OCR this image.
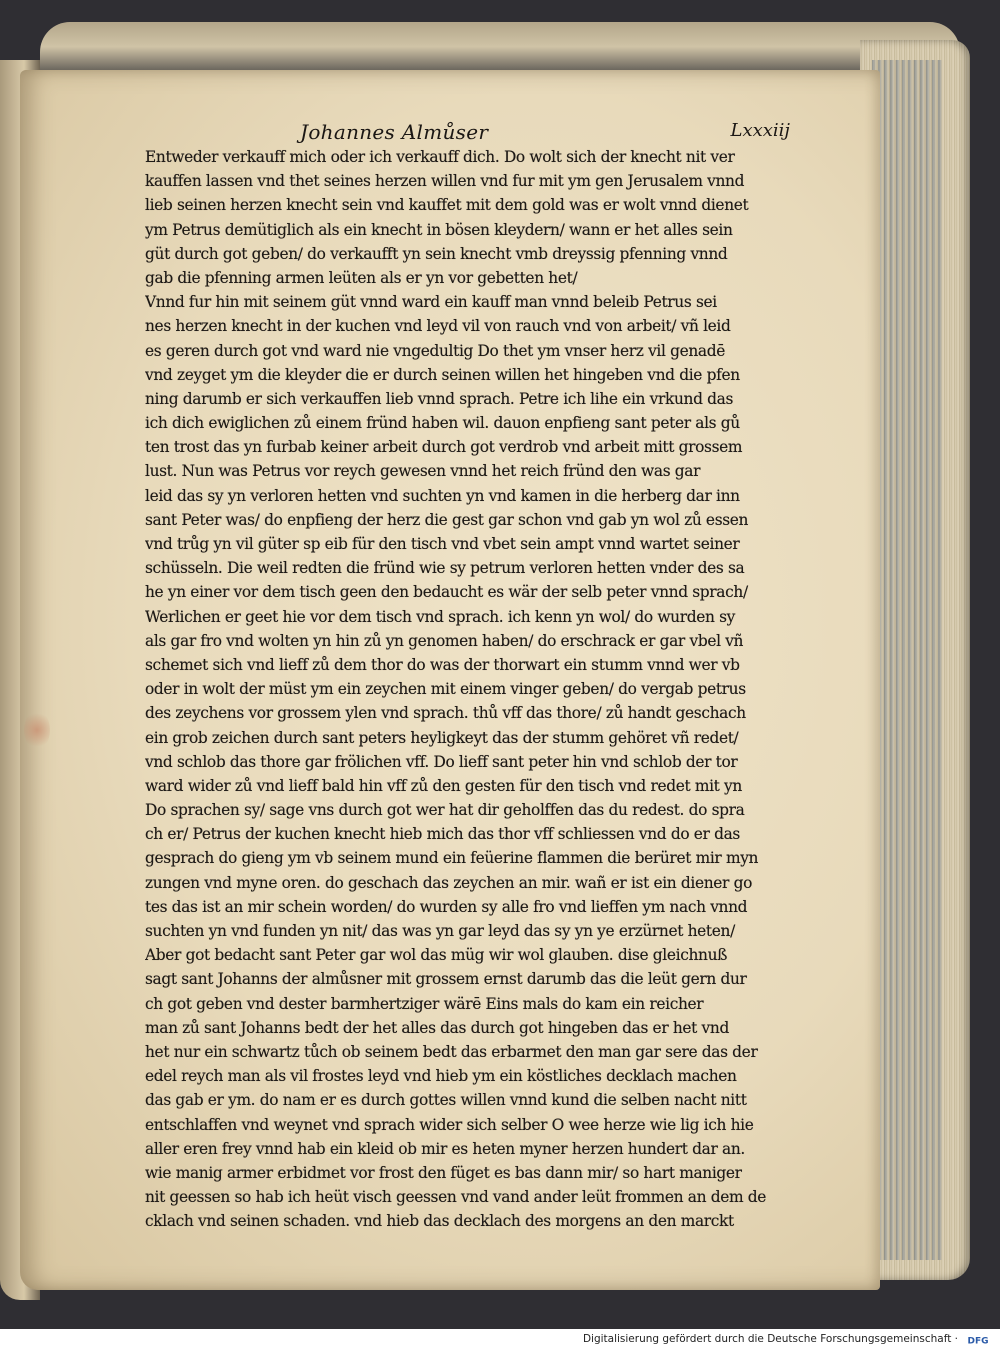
Johannes Almůser	Lxxxiij
Entweder verkauff mich oder ich verkauff dich. Do wolt sich der knecht nit ver
kauffen lassen vnd thet seines herzen willen vnd fur mit ym gen Jerusalem vnnd
lieb seinen herzen knecht sein vnd kauffet mit dem gold was er wolt vnnd dienet
ym Petrus demütiglich als ein knecht in bösen kleydern/ wann er het alles sein
güt durch got geben/ do verkaufft yn sein knecht vmb dreyssig pfenning vnnd
gab die pfenning armen leüten als er yn vor gebetten het/
Vnnd fur hin mit seinem güt vnnd ward ein kauff man vnnd beleib Petrus sei
nes herzen knecht in der kuchen vnd leyd vil von rauch vnd von arbeit/ vñ leid
es geren durch got vnd ward nie vngedultig Do thet ym vnser herz vil genadē
vnd zeyget ym die kleyder die er durch seinen willen het hingeben vnd die pfen
ning darumb er sich verkauffen lieb vnnd sprach. Petre ich lihe ein vrkund das
ich dich ewiglichen zů einem fründ haben wil. dauon enpfieng sant peter als gů
ten trost das yn furbab keiner arbeit durch got verdrob vnd arbeit mitt grossem
lust. Nun was Petrus vor reych gewesen vnnd het reich fründ den was gar
leid das sy yn verloren hetten vnd suchten yn vnd kamen in die herberg dar inn
sant Peter was/ do enpfieng der herz die gest gar schon vnd gab yn wol zů essen
vnd trůg yn vil güter sp eib für den tisch vnd vbet sein ampt vnnd wartet seiner
schüsseln. Die weil redten die fründ wie sy petrum verloren hetten vnder des sa
he yn einer vor dem tisch geen den bedaucht es wär der selb peter vnnd sprach/
Werlichen er geet hie vor dem tisch vnd sprach. ich kenn yn wol/ do wurden sy
als gar fro vnd wolten yn hin zů yn genomen haben/ do erschrack er gar vbel vñ
schemet sich vnd lieff zů dem thor do was der thorwart ein stumm vnnd wer vb
oder in wolt der müst ym ein zeychen mit einem vinger geben/ do vergab petrus
des zeychens vor grossem ylen vnd sprach. thů vff das thore/ zů handt geschach
ein grob zeichen durch sant peters heyligkeyt das der stumm gehöret vñ redet/
vnd schlob das thore gar frölichen vff. Do lieff sant peter hin vnd schlob der tor
ward wider zů vnd lieff bald hin vff zů den gesten für den tisch vnd redet mit yn
Do sprachen sy/ sage vns durch got wer hat dir geholffen das du redest. do spra
ch er/ Petrus der kuchen knecht hieb mich das thor vff schliessen vnd do er das
gesprach do gieng ym vb seinem mund ein feüerine flammen die berüret mir myn
zungen vnd myne oren. do geschach das zeychen an mir. wañ er ist ein diener go
tes das ist an mir schein worden/ do wurden sy alle fro vnd lieffen ym nach vnnd
suchten yn vnd funden yn nit/ das was yn gar leyd das sy yn ye erzürnet heten/
Aber got bedacht sant Peter gar wol das müg wir wol glauben. dise gleichnuß
sagt sant Johanns der almůsner mit grossem ernst darumb das die leüt gern dur
ch got geben vnd dester barmhertziger wärē Eins mals do kam ein reicher
man zů sant Johanns bedt der het alles das durch got hingeben das er het vnd
het nur ein schwartz tůch ob seinem bedt das erbarmet den man gar sere das der
edel reych man als vil frostes leyd vnd hieb ym ein köstliches decklach machen
das gab er ym. do nam er es durch gottes willen vnnd kund die selben nacht nitt
entschlaffen vnd weynet vnd sprach wider sich selber O wee herze wie lig ich hie
aller eren frey vnnd hab ein kleid ob mir es heten myner herzen hundert dar an.
wie manig armer erbidmet vor frost den füget es bas dann mir/ so hart maniger
nit geessen so hab ich heüt visch geessen vnd vand ander leüt frommen an dem de
cklach vnd seinen schaden. vnd hieb das decklach des morgens an den marckt
Digitalisierung gefördert durch die Deutsche Forschungsgemeinschaft · DFG
